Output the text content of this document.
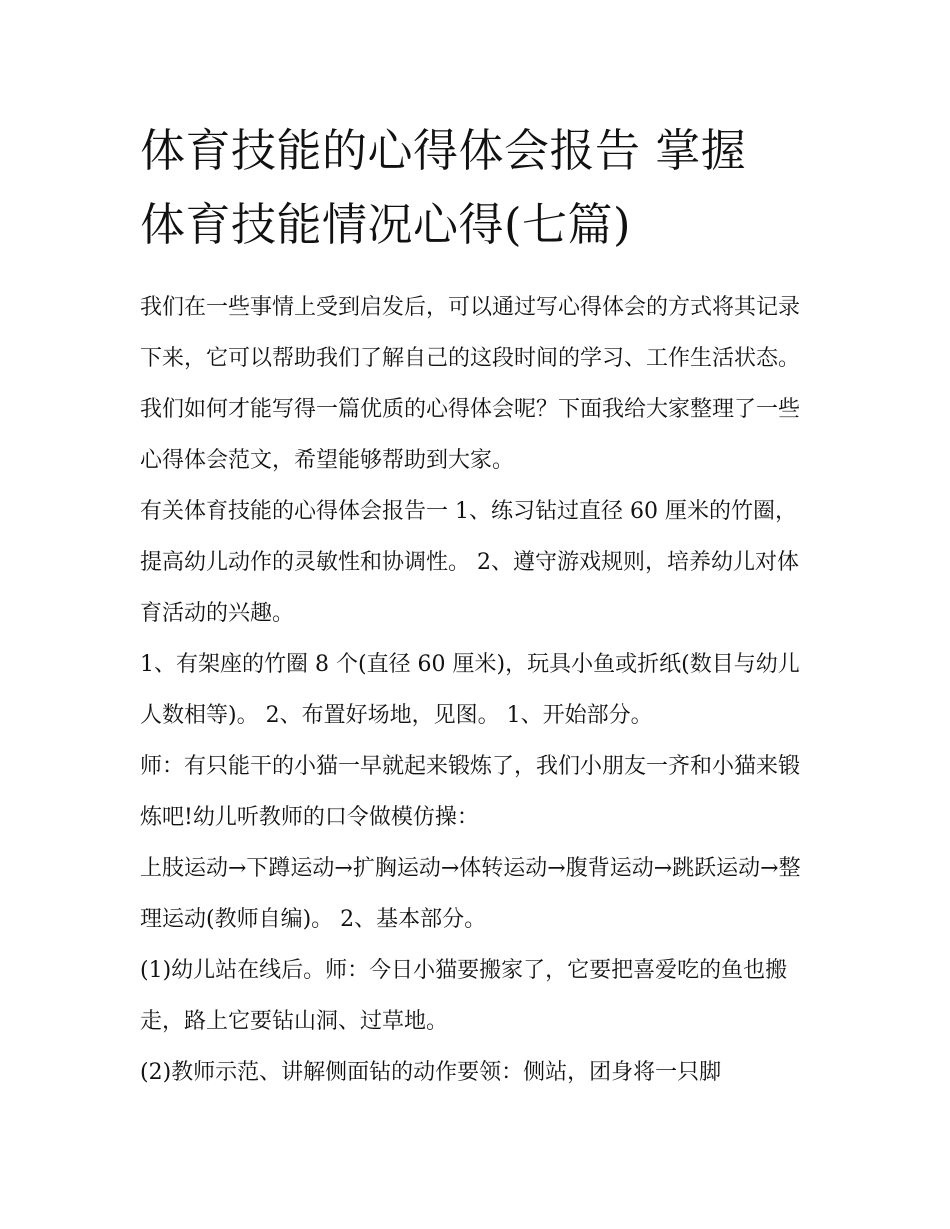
体育技能的心得体会报告 掌握
体育技能情况心得(七篇)

我们在一些事情上受到启发后，可以通过写心得体会的方式将其记录下来，它可以帮助我们了解自己的这段时间的学习、工作生活状态。我们如何才能写得一篇优质的心得体会呢？下面我给大家整理了一些心得体会范文，希望能够帮助到大家。

有关体育技能的心得体会报告一 1、练习钻过直径 60 厘米的竹圈，提高幼儿动作的灵敏性和协调性。 2、遵守游戏规则，培养幼儿对体育活动的兴趣。

1、有架座的竹圈 8 个(直径 60 厘米)，玩具小鱼或折纸(数目与幼儿人数相等)。 2、布置好场地，见图。 1、开始部分。

师：有只能干的小猫一早就起来锻炼了，我们小朋友一齐和小猫来锻炼吧!幼儿听教师的口令做模仿操：

上肢运动→下蹲运动→扩胸运动→体转运动→腹背运动→跳跃运动→整理运动(教师自编)。 2、基本部分。

(1)幼儿站在线后。师：今日小猫要搬家了，它要把喜爱吃的鱼也搬走，路上它要钻山洞、过草地。

(2)教师示范、讲解侧面钻的动作要领：侧站，团身将一只脚
